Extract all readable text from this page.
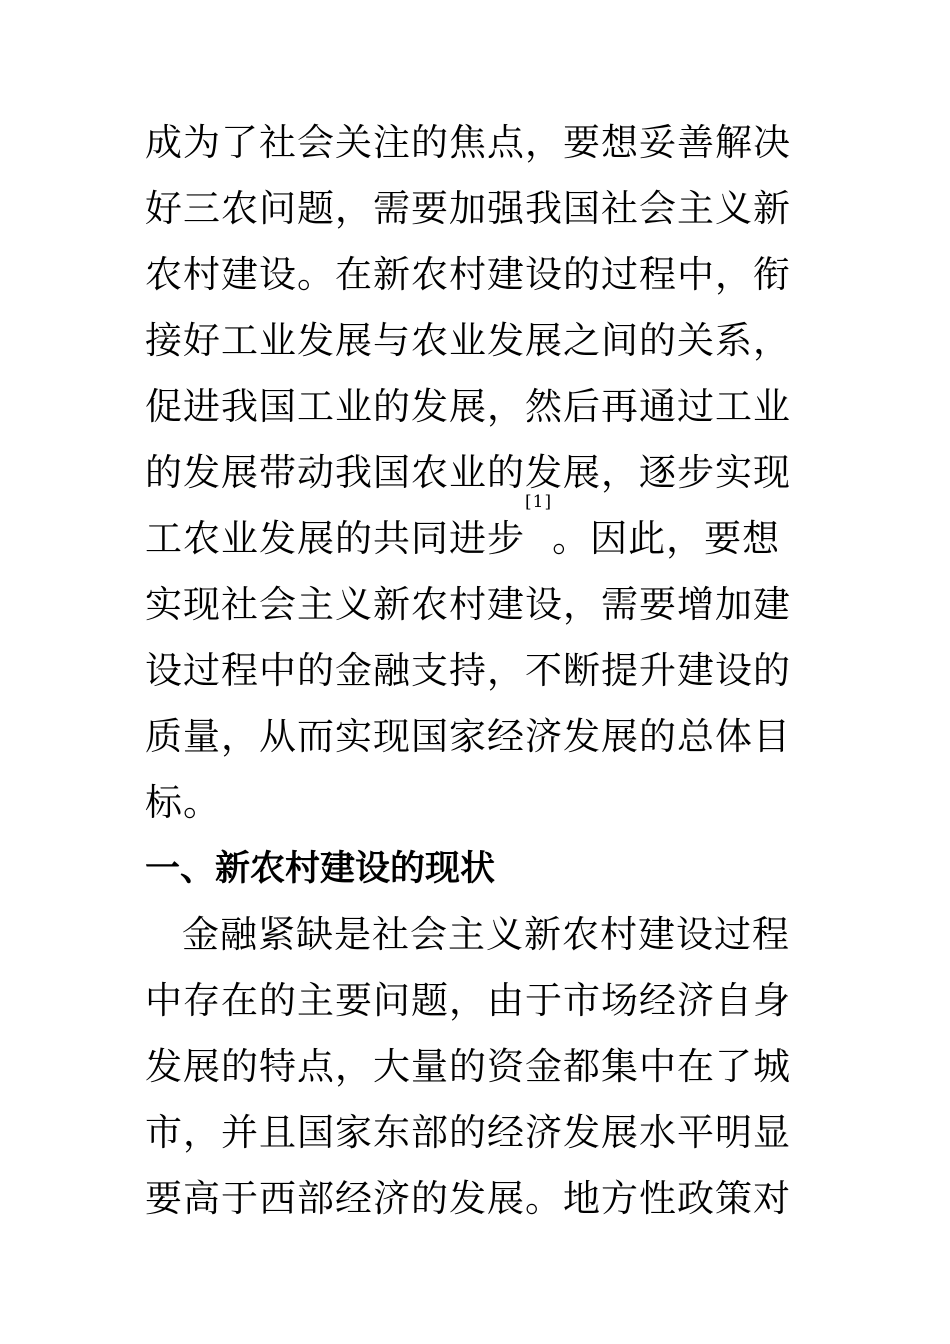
成为了社会关注的焦点，要想妥善解决
好三农问题，需要加强我国社会主义新
农村建设。在新农村建设的过程中，衔
接好工业发展与农业发展之间的关系，
促进我国工业的发展，然后再通过工业
的发展带动我国农业的发展，逐步实现
工农业发展的共同进步[1]。因此，要想
实现社会主义新农村建设，需要增加建
设过程中的金融支持，不断提升建设的
质量，从而实现国家经济发展的总体目
标。
一、新农村建设的现状
金融紧缺是社会主义新农村建设过程
中存在的主要问题，由于市场经济自身
发展的特点，大量的资金都集中在了城
市，并且国家东部的经济发展水平明显
要高于西部经济的发展。地方性政策对
